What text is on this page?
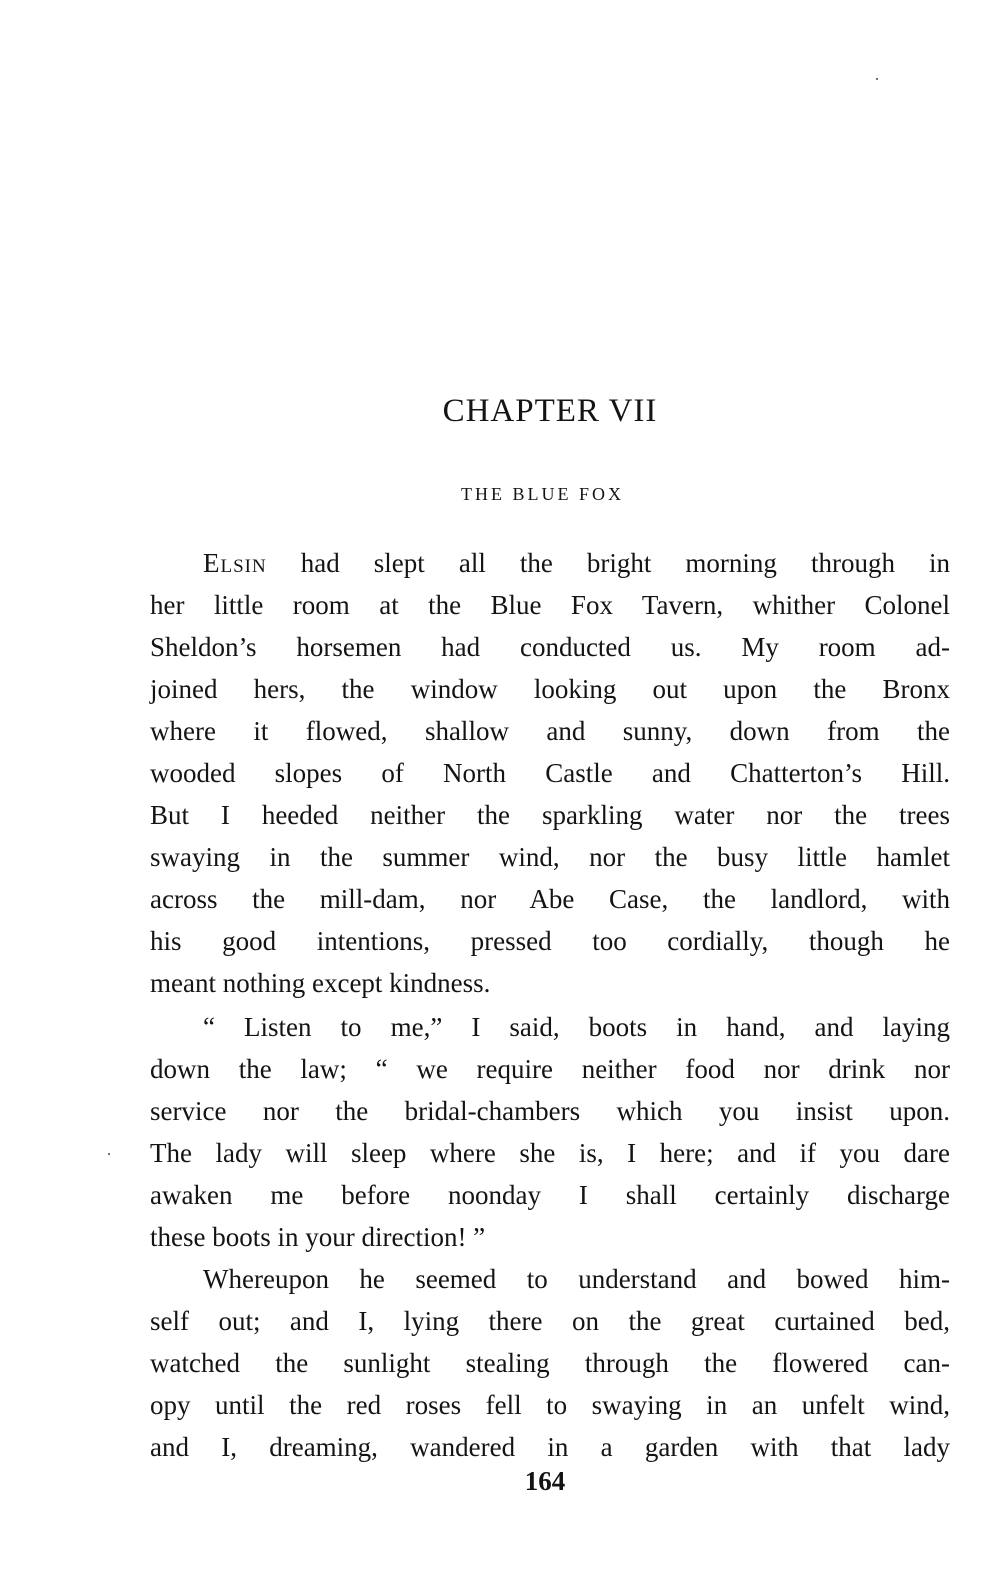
CHAPTER VII
THE BLUE FOX
Elsin had slept all the bright morning through in
her little room at the Blue Fox Tavern, whither Colonel
Sheldon’s horsemen had conducted us. My room ad-
joined hers, the window looking out upon the Bronx
where it flowed, shallow and sunny, down from the
wooded slopes of North Castle and Chatterton’s Hill.
But I heeded neither the sparkling water nor the trees
swaying in the summer wind, nor the busy little hamlet
across the mill-dam, nor Abe Case, the landlord, with
his good intentions, pressed too cordially, though he
meant nothing except kindness.
“ Listen to me,” I said, boots in hand, and laying
down the law; “ we require neither food nor drink nor
service nor the bridal-chambers which you insist upon.
The lady will sleep where she is, I here; and if you dare
awaken me before noonday I shall certainly discharge
these boots in your direction! ”
Whereupon he seemed to understand and bowed him-
self out; and I, lying there on the great curtained bed,
watched the sunlight stealing through the flowered can-
opy until the red roses fell to swaying in an unfelt wind,
and I, dreaming, wandered in a garden with that lady
164
